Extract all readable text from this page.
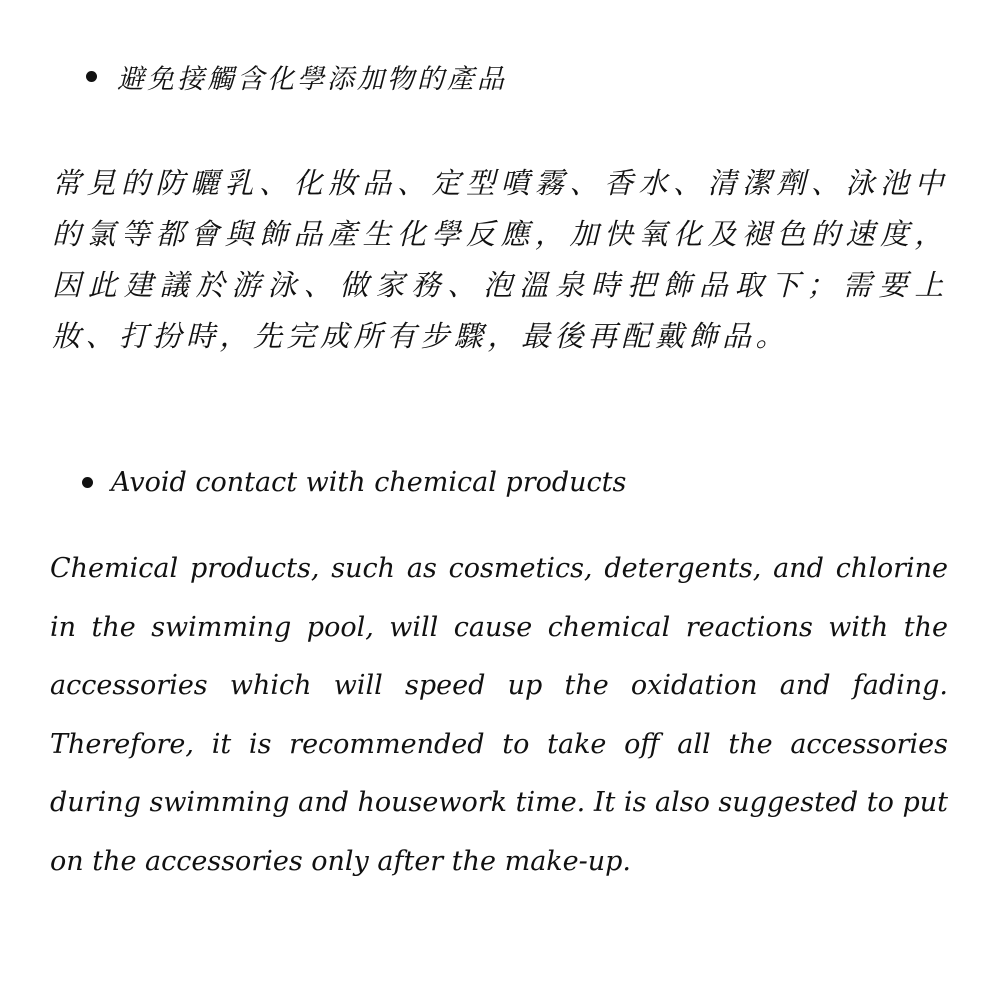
避免接觸含化學添加物的產品

常見的防曬乳、化妝品、定型噴霧、香水、清潔劑、泳池中的氯等都會與飾品產生化學反應，加快氧化及褪色的速度，因此建議於游泳、做家務、泡溫泉時把飾品取下；需要上妝、打扮時，先完成所有步驟，最後再配戴飾品。

Avoid contact with chemical products

Chemical products, such as cosmetics, detergents, and chlorine in the swimming pool, will cause chemical reactions with the accessories which will speed up the oxidation and fading. Therefore, it is recommended to take off all the accessories during swimming and housework time. It is also suggested to put on the accessories only after the make-up.
